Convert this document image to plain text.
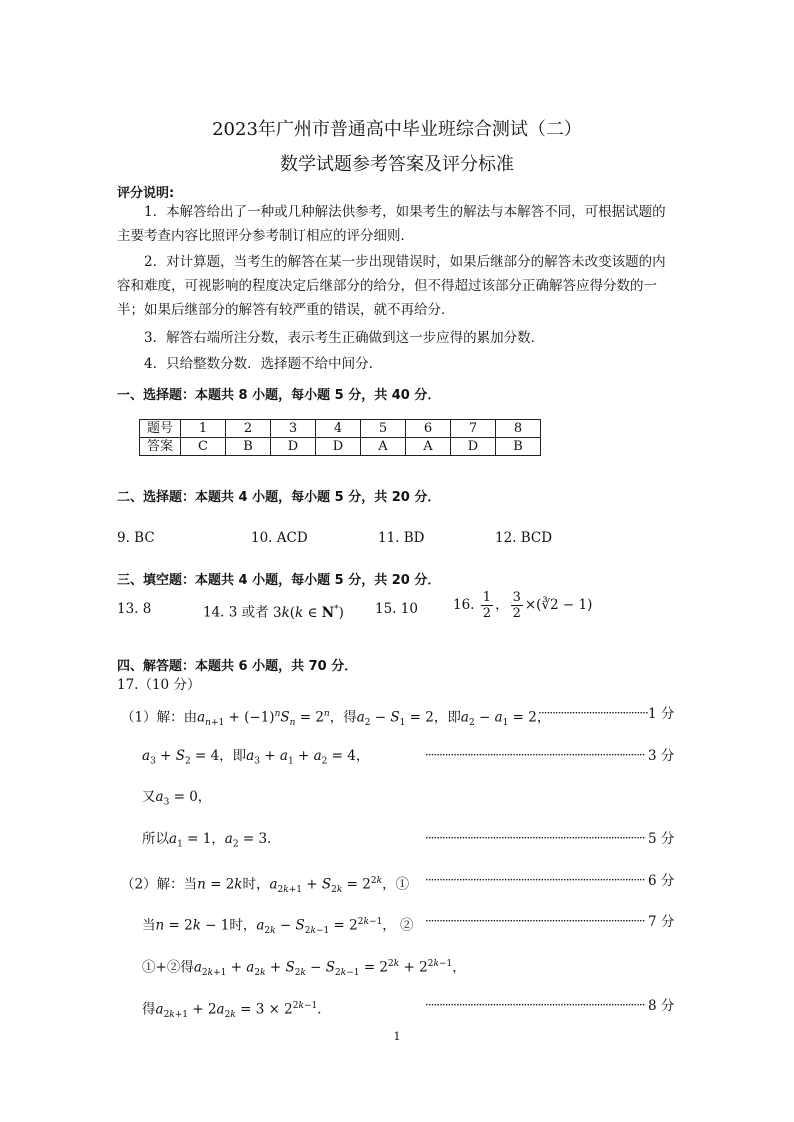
2023年广州市普通高中毕业班综合测试（二）
数学试题参考答案及评分标准
评分说明:
1．本解答给出了一种或几种解法供参考，如果考生的解法与本解答不同，可根据试题的主要考查内容比照评分参考制订相应的评分细则．
2．对计算题，当考生的解答在某一步出现错误时，如果后继部分的解答未改变该题的内容和难度，可视影响的程度决定后继部分的给分，但不得超过该部分正确解答应得分数的一半；如果后继部分的解答有较严重的错误，就不再给分．
3．解答右端所注分数，表示考生正确做到这一步应得的累加分数．
4．只给整数分数．选择题不给中间分．
一、选择题：本题共 8 小题，每小题 5 分，共 40 分．
题号	1	2	3	4	5	6	7	8
答案	C	B	D	D	A	A	D	B
二、选择题：本题共 4 小题，每小题 5 分，共 20 分．
9. BC	10. ACD	11. BD	12. BCD
三、填空题：本题共 4 小题，每小题 5 分，共 20 分．
13. 8	14. 3 或者 3k(k ∈ N*) 15. 10	16. $\frac{1}{2}$ ， $\frac{3}{2}$ ×(∛2 − 1)
四、解答题：本题共 6 小题，共 70 分．
17.（10 分）
（1）解：由$a_{n+1} + (-1)^nS_n = 2^n$，得$a_2 - S_1 = 2$，即$a_2 - a_1 = 2$，
······································· 1 分
$a_3 + S_2 = 4$，即$a_3 + a_1 + a_2 = 4$，	·············································································· 3 分
又$a_3 = 0$，
所以$a_1 = 1$，$a_2 = 3$．	·············································································· 5 分
（2）解：当n = 2k时，$a_{2k+1} + S_{2k} = 2^{2k}$，① ·············································································· 6 分
当n = 2k − 1时，$a_{2k} - S_{2k-1} = 2^{2k-1}$， ② ·············································································· 7 分
①+②得$a_{2k+1} + a_{2k} + S_{2k} - S_{2k-1} = 2^{2k} + 2^{2k-1}$，
得$a_{2k+1} + 2a_{2k} = 3 \times 2^{2k-1}$．	·············································································· 8 分
1
